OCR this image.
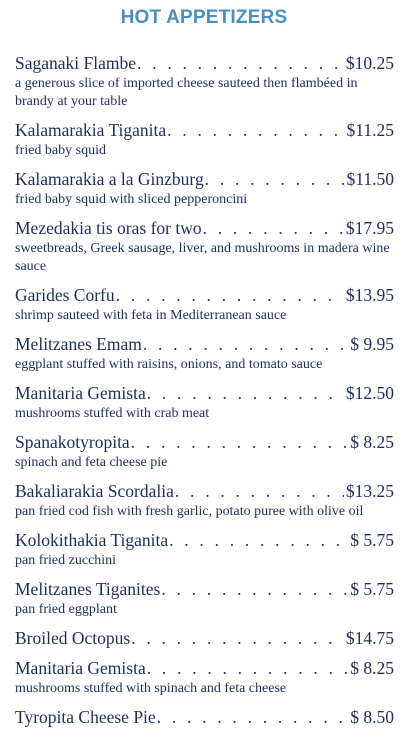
HOT APPETIZERS
Saganaki Flambe . . .	$10.25
a generous slice of imported cheese sauteed then flambéed in brandy at your table
Kalamarakia Tiganita . . .	$11.25
fried baby squid
Kalamarakia a la Ginzburg . . .	$11.50
fried baby squid with sliced pepperoncini
Mezedakia tis oras for two . . .	$17.95
sweetbreads, Greek sausage, liver, and mushrooms in madera wine sauce
Garides Corfu . . .	$13.95
shrimp sauteed with feta in Mediterranean sauce
Melitzanes Emam . . .	$ 9.95
eggplant stuffed with raisins, onions, and tomato sauce
Manitaria Gemista . . .	$12.50
mushrooms stuffed with crab meat
Spanakotyropita . . .	$ 8.25
spinach and feta cheese pie
Bakaliarakia Scordalia . . .	$13.25
pan fried cod fish with fresh garlic, potato puree with olive oil
Kolokithakia Tiganita . . .	$ 5.75
pan fried zucchini
Melitzanes Tiganites . . .	$ 5.75
pan fried eggplant
Broiled Octopus . . .	$14.75
Manitaria Gemista . . .	$ 8.25
mushrooms stuffed with spinach and feta cheese
Tyropita Cheese Pie . . .	$ 8.50
